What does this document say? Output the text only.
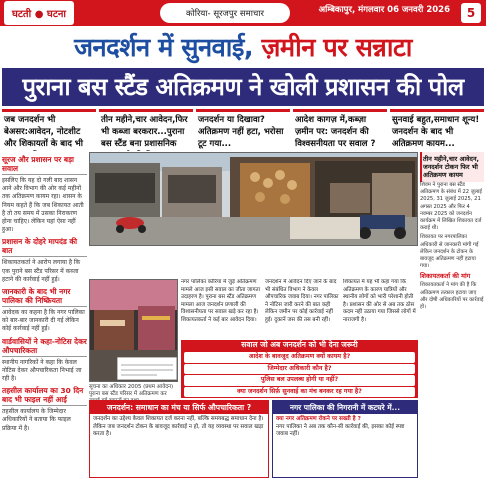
घटती ● घटना	कोरिया- सूरजपुर समाचार	अम्बिकापुर, मंगलवार 06 जनवरी 2026	5
जनदर्शन में सुनवाई, ज़मीन पर सन्नाटा
पुराना बस स्टैंड अतिक्रमण ने खोली प्रशासन की पोल
जब जनदर्शन भी बेअसर:आवेदन, नोटशीट और शिकायतों के बाद भी
तीन महीने,चार आवेदन,फिर भी कब्जा बरकरार...पुराना बस स्टैंड बना प्रशासनिक
जनदर्शन या दिखावा? अतिक्रमण नहीं हटा, भरोसा टूट गया...
आदेश कागज़ में,कब्ज़ा ज़मीन पर: जनदर्शन की विश्वसनीयता पर सवाल ?
सुनवाई बहुत,समाधान शून्य! जनदर्शन के बाद भी अतिक्रमण कायम...
सूरज और प्रशासन पर बड़ा सवाल

इसलिए कि यह दो गली बाद शासन आने और विभाग की ओर कई महीनों तक अतिक्रमण कायम रहा। शासन के नियम कहते हैं कि जब शिकायत आती है तो तय समय में उसका निराकरण होना चाहिए। लेकिन यहां ऐसा नहीं हुआ।

प्रशासन के दोहरे मापदंड की बात

शिकायतकर्ता ने आरोप लगाया है कि एक पुराने बस स्टैंड परिसर में कब्जा हटाने की कार्रवाई नहीं हुई।

जानकारी के बाद भी नगर पालिका की निष्क्रियता

आवेदक का कहना है कि नगर पालिका को बार-बार जानकारी दी गई लेकिन कोई कार्रवाई नहीं हुई।

वार्डवासियों ने कहा-नोटिस देकर औपचारिकता

स्थानीय नागरिकों ने कहा कि केवल नोटिस देकर औपचारिकता निभाई जा रही है।

तहसील कार्यालय का 30 दिन बाद भी फाइल नहीं आई

तहसील कार्यालय के जिम्मेदार अधिकारियों ने बताया कि फाइल प्रक्रिया में है।

तीन महीने,चार आवेदन, जनदर्शन टोकन फिर भी अतिक्रमण कायम

शिवम ने पुराना बस स्टैंड अतिक्रमण के संबंध में 22 जुलाई 2025, 31 जुलाई 2025, 21 अगस्त 2025 और फिर 4 नवम्बर 2025 को जनदर्शन कार्यक्रम में लिखित शिकायत दर्ज कराई थी।

शिकायत पर नगरपालिका अधिकारी से जानकारी मांगी गई लेकिन जनदर्शन के टोकन के बावजूद अतिक्रमण नहीं हटाया गया।

शिकायतकर्ता की मांग

शिकायतकर्ता ने मांग की है कि अतिक्रमण तत्काल हटाया जाए और दोषी अधिकारियों पर कार्रवाई हो।

सूचना का अधिकार 2005 (प्रथम आवेदन)
पुराना बस स्टैंड परिसर में अतिक्रमण कर
नगर पालिका कोरिया में जुड़े अतिक्रमण मामले आज इसी सवाल का जीता जागता उदाहरण है। पुराना बस स्टैंड अतिक्रमण मामला आज जनदर्शन प्रणाली की विश्वसनीयता पर सवाल खड़े कर रहा है। शिकायतकर्ता ने कई बार आवेदन दिया।
जनदर्शन में आवेदन दिए जाने के बाद भी संबंधित विभाग ने केवल औपचारिक जवाब दिया। नगर पालिका ने नोटिस जारी करने की बात कही लेकिन जमीन पर कोई कार्रवाई नहीं हुई। दुकानें जस की तस बनी रहीं।
शिकायत में यह भी कहा गया कि अतिक्रमण के कारण यात्रियों और स्थानीय लोगों को भारी परेशानी होती है। प्रशासन की ओर से अब तक ठोस कदम नहीं उठाया गया जिससे लोगों में नाराजगी है।
सवाल जो अब जनदर्शन को भी देना जरूरी
आदेश के बावजूद अतिक्रमण क्यों कायम है?
जिम्मेदार अधिकारी कौन है?
पुलिस बल उपलब्ध होगी या नहीं?
क्या जनदर्शन सिर्फ़ सुनवाई का मंच बनकर रह गया है?
जनदर्शन: समाधान का मंच या सिर्फ औपचारिकता ?
जनदर्शन का उद्देश्य केवल शिकायत दर्ज करना नहीं, बल्कि समयबद्ध समाधान देना है। लेकिन जब जनदर्शन टोकन के बावजूद कार्रवाई न हो, तो यह व्यवस्था पर सवाल खड़ा करता है।
नगर पालिका की निगरानी में कटघरे में...
क्या नगर अतिक्रमण रोकने पर सख्ती है ?
नगर पालिका ने अब तक कौन-सी कार्रवाई की, इसका कोई स्पष्ट जवाब नहीं।
